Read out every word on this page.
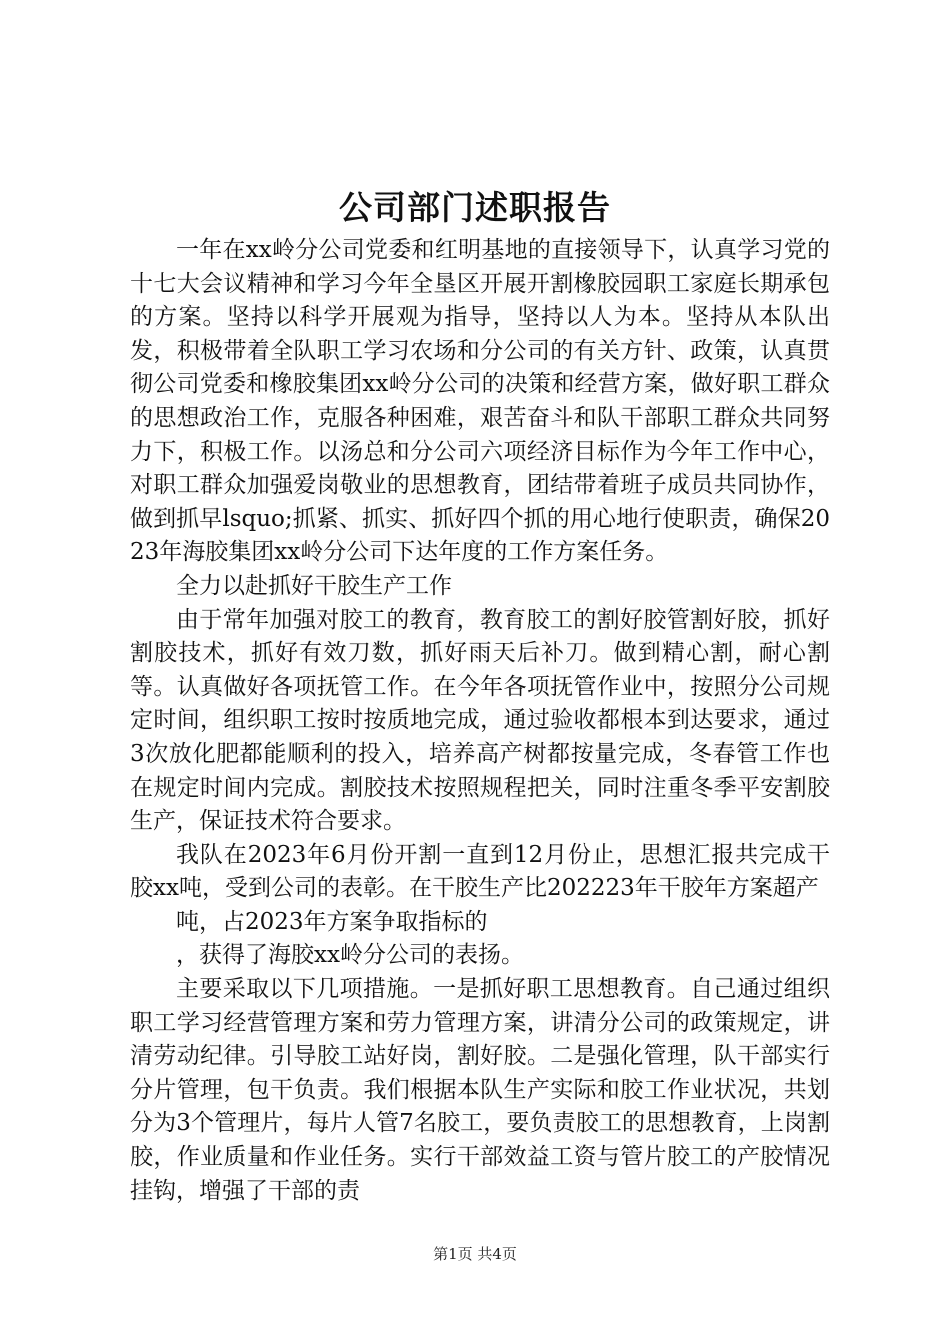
公司部门述职报告

一年在xx岭分公司党委和红明基地的直接领导下，认真学习党的十七大会议精神和学习今年全垦区开展开割橡胶园职工家庭长期承包的方案。坚持以科学开展观为指导，坚持以人为本。坚持从本队出发，积极带着全队职工学习农场和分公司的有关方针、政策，认真贯彻公司党委和橡胶集团xx岭分公司的决策和经营方案，做好职工群众的思想政治工作，克服各种困难，艰苦奋斗和队干部职工群众共同努力下，积极工作。以汤总和分公司六项经济目标作为今年工作中心，对职工群众加强爱岗敬业的思想教育，团结带着班子成员共同协作，做到抓早lsquo;抓紧、抓实、抓好四个抓的用心地行使职责，确保2023年海胶集团xx岭分公司下达年度的工作方案任务。

全力以赴抓好干胶生产工作

由于常年加强对胶工的教育，教育胶工的割好胶管割好胶，抓好割胶技术，抓好有效刀数，抓好雨天后补刀。做到精心割，耐心割等。认真做好各项抚管工作。在今年各项抚管作业中，按照分公司规定时间，组织职工按时按质地完成，通过验收都根本到达要求，通过3次放化肥都能顺利的投入，培养高产树都按量完成，冬春管工作也在规定时间内完成。割胶技术按照规程把关，同时注重冬季平安割胶生产，保证技术符合要求。

我队在2023年6月份开割一直到12月份止，思想汇报共完成干胶xx吨，受到公司的表彰。在干胶生产比202223年干胶年方案超产

吨，占2023年方案争取指标的

，获得了海胶xx岭分公司的表扬。

主要采取以下几项措施。一是抓好职工思想教育。自己通过组织职工学习经营管理方案和劳力管理方案，讲清分公司的政策规定，讲清劳动纪律。引导胶工站好岗，割好胶。二是强化管理，队干部实行分片管理，包干负责。我们根据本队生产实际和胶工作业状况，共划分为3个管理片，每片人管7名胶工，要负责胶工的思想教育，上岗割胶，作业质量和作业任务。实行干部效益工资与管片胶工的产胶情况挂钩，增强了干部的责

第1页 共4页
